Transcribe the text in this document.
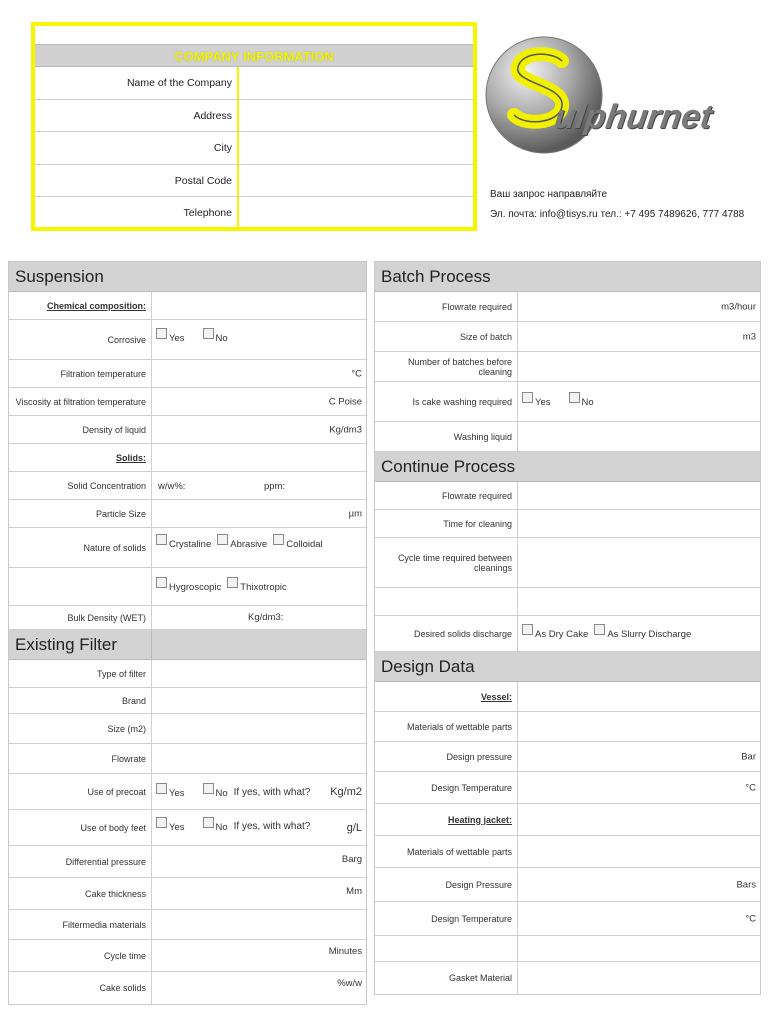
COMPANY INFORMATION
Name of the Company
Address
City
Postal Code
Telephone
ulphurnet
Ваш запрос направляйте
Эл. почта: info@tisys.ru тел.: +7 495 7489626, 777 4788
Suspension
Chemical composition:
Corrosive	Yes	No
Filtration temperature	°C
Viscosity at filtration temperature	C Poise
Density of liquid	Kg/dm3
Solids:
Solid Concentration	w/w%:	ppm:
Particle Size	µm
Nature of solids	Crystaline Abrasive Colloidal
Hygroscopic Thixotropic
Bulk Density (WET)	Kg/dm3:
Existing Filter
Type of filter
Brand
Size (m2)
Flowrate
Use of precoat	Yes	No If yes, with what? Kg/m2
Use of body feet	Yes	No If yes, with what?	g/L
Differential pressure	Barg
Cake thickness	Mm
Filtermedia materials
Cycle time	Minutes
Cake solids	%w/w
Batch Process
Flowrate required	m3/hour
Size of batch	m3
Number of batches before cleaning
Is cake washing required	Yes	No
Washing liquid
Continue Process
Flowrate required
Time for cleaning
Cycle time required between cleanings
Desired solids discharge	As Dry Cake As Slurry Discharge
Design Data
Vessel:
Materials of wettable parts
Design pressure	Bar
Design Temperature	°C
Heating jacket:
Materials of wettable parts
Design Pressure	Bars
Design Temperature	°C
Gasket Material
